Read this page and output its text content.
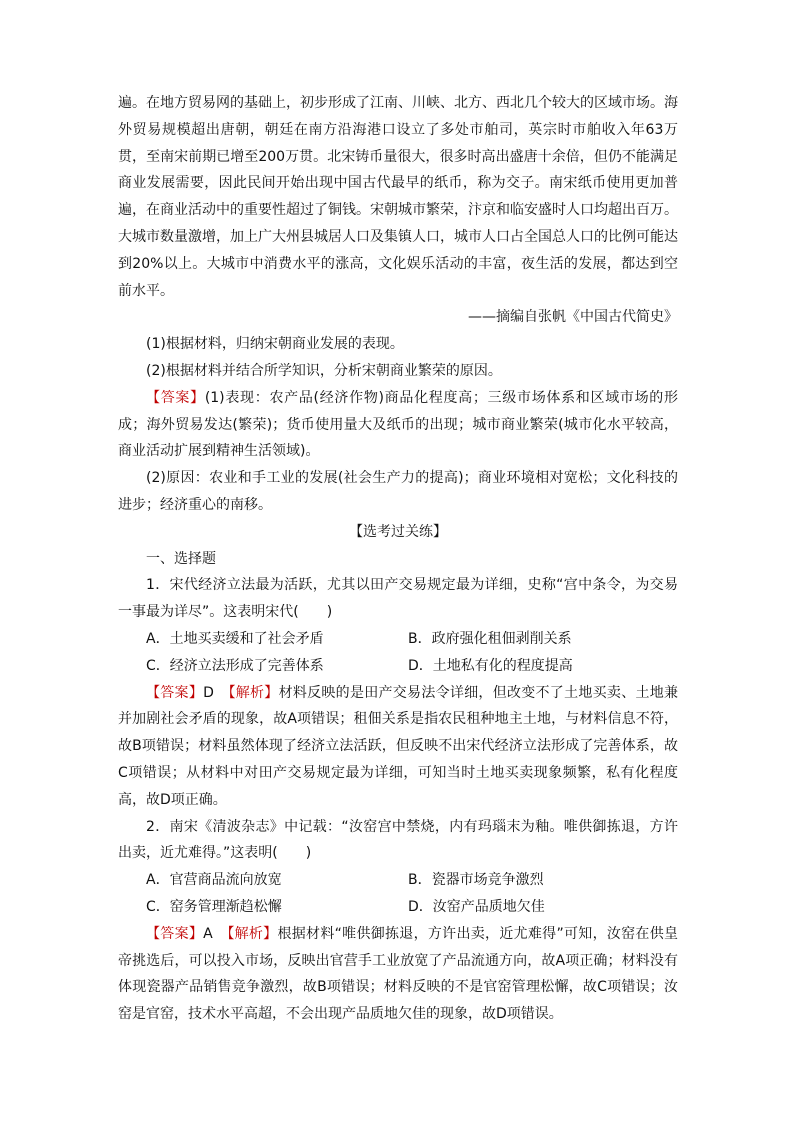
遍。在地方贸易网的基础上，初步形成了江南、川峡、北方、西北几个较大的区域市场。海外贸易规模超出唐朝，朝廷在南方沿海港口设立了多处市舶司，英宗时市舶收入年63万贯，至南宋前期已增至200万贯。北宋铸币量很大，很多时高出盛唐十余倍，但仍不能满足商业发展需要，因此民间开始出现中国古代最早的纸币，称为交子。南宋纸币使用更加普遍，在商业活动中的重要性超过了铜钱。宋朝城市繁荣，汴京和临安盛时人口均超出百万。大城市数量激增，加上广大州县城居人口及集镇人口，城市人口占全国总人口的比例可能达到20%以上。大城市中消费水平的涨高，文化娱乐活动的丰富，夜生活的发展，都达到空前水平。

——摘编自张帆《中国古代简史》

(1)根据材料，归纳宋朝商业发展的表现。

(2)根据材料并结合所学知识，分析宋朝商业繁荣的原因。

【答案】(1)表现：农产品(经济作物)商品化程度高；三级市场体系和区域市场的形成；海外贸易发达(繁荣)；货币使用量大及纸币的出现；城市商业繁荣(城市化水平较高，商业活动扩展到精神生活领域)。

(2)原因：农业和手工业的发展(社会生产力的提高)；商业环境相对宽松；文化科技的进步；经济重心的南移。

【选考过关练】

一、选择题

1．宋代经济立法最为活跃，尤其以田产交易规定最为详细，史称“宫中条令，为交易一事最为详尽”。这表明宋代(　　)

A．土地买卖缓和了社会矛盾	B．政府强化租佃剥削关系
C．经济立法形成了完善体系	D．土地私有化的程度提高

【答案】D　 【解析】材料反映的是田产交易法令详细，但改变不了土地买卖、土地兼并加剧社会矛盾的现象，故A项错误；租佃关系是指农民租种地主土地，与材料信息不符，故B项错误；材料虽然体现了经济立法活跃，但反映不出宋代经济立法形成了完善体系，故C项错误；从材料中对田产交易规定最为详细，可知当时土地买卖现象频繁，私有化程度高，故D项正确。

2．南宋《清波杂志》中记载：“汝窑宫中禁烧，内有玛瑙末为釉。唯供御拣退，方许出卖，近尤难得。”这表明(　　)

A．官营商品流向放宽	B．瓷器市场竞争激烈
C．窑务管理渐趋松懈	D．汝窑产品质地欠佳

【答案】A　 【解析】根据材料“唯供御拣退，方许出卖，近尤难得”可知，汝窑在供皇帝挑选后，可以投入市场，反映出官营手工业放宽了产品流通方向，故A项正确；材料没有体现瓷器产品销售竞争激烈，故B项错误；材料反映的不是官窑管理松懈，故C项错误；汝窑是官窑，技术水平高超，不会出现产品质地欠佳的现象，故D项错误。
